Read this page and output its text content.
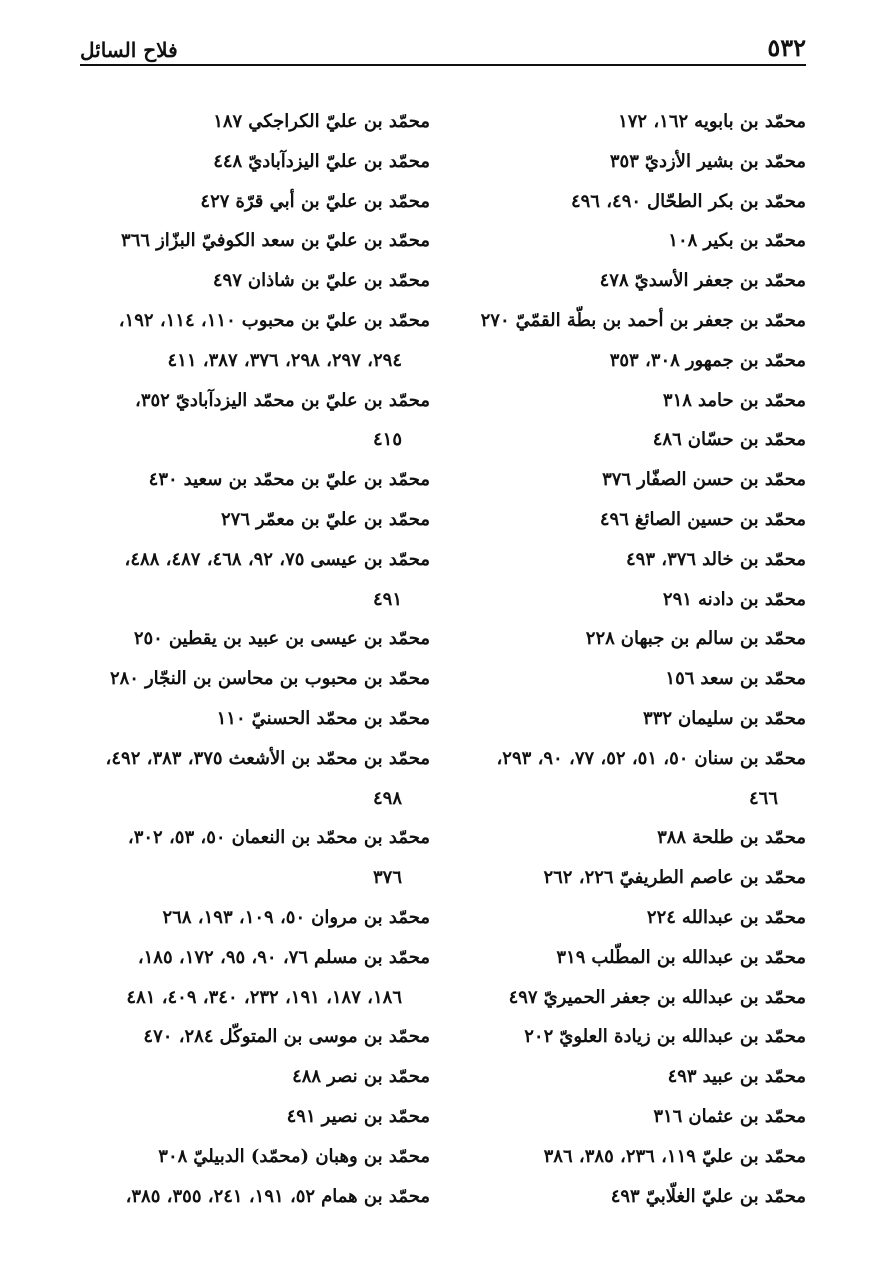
٥٣٢
فلاح السائل
محمّد بن بابويه١٦٢، ١٧٢
محمّد بن بشير الأزديّ٣٥٣
محمّد بن بكر الطحّال٤٩٠، ٤٩٦
محمّد بن بكير١٠٨
محمّد بن جعفر الأسديّ٤٧٨
محمّد بن جعفر بن أحمد بن بطّة القمّيّ٢٧٠
محمّد بن جمهور٣٠٨، ٣٥٣
محمّد بن حامد٣١٨
محمّد بن حسّان٤٨٦
محمّد بن حسن الصفّار٣٧٦
محمّد بن حسين الصائغ٤٩٦
محمّد بن خالد٣٧٦، ٤٩٣
محمّد بن دادنه٢٩١
محمّد بن سالم بن جبهان٢٢٨
محمّد بن سعد١٥٦
محمّد بن سليمان٣٣٢
محمّد بن سنان٥٠، ٥١، ٥٢، ٧٧، ٩٠، ٢٩٣،
٤٦٦
محمّد بن طلحة٣٨٨
محمّد بن عاصم الطريفيّ٢٢٦، ٢٦٢
محمّد بن عبدالله٢٢٤
محمّد بن عبدالله بن المطّلب٣١٩
محمّد بن عبدالله بن جعفر الحميريّ٤٩٧
محمّد بن عبدالله بن زيادة العلويّ٢٠٢
محمّد بن عبيد٤٩٣
محمّد بن عثمان٣١٦
محمّد بن عليّ١١٩، ٢٣٦، ٣٨٥، ٣٨٦
محمّد بن عليّ الغلّابيّ٤٩٣
محمّد بن عليّ الكراجكي١٨٧
محمّد بن عليّ اليزدآباديّ٤٤٨
محمّد بن عليّ بن أبي قرّة٤٢٧
محمّد بن عليّ بن سعد الكوفيّ البزّاز٣٦٦
محمّد بن عليّ بن شاذان٤٩٧
محمّد بن عليّ بن محبوب١١٠، ١١٤، ١٩٢،
٢٩٤، ٢٩٧، ٢٩٨، ٣٧٦، ٣٨٧، ٤١١
محمّد بن عليّ بن محمّد اليزدآباديّ٣٥٢،
٤١٥
محمّد بن عليّ بن محمّد بن سعيد٤٣٠
محمّد بن عليّ بن معمّر٢٧٦
محمّد بن عيسى٧٥، ٩٢، ٤٦٨، ٤٨٧، ٤٨٨،
٤٩١
محمّد بن عيسى بن عبيد بن يقطين٢٥٠
محمّد بن محبوب بن محاسن بن النجّار٢٨٠
محمّد بن محمّد الحسنيّ١١٠
محمّد بن محمّد بن الأشعث٣٧٥، ٣٨٣، ٤٩٢،
٤٩٨
محمّد بن محمّد بن النعمان٥٠، ٥٣، ٣٠٢،
٣٧٦
محمّد بن مروان٥٠، ١٠٩، ١٩٣، ٢٦٨
محمّد بن مسلم٧٦، ٩٠، ٩٥، ١٧٢، ١٨٥،
١٨٦، ١٨٧، ١٩١، ٢٣٢، ٣٤٠، ٤٠٩، ٤٨١
محمّد بن موسى بن المتوكّل٢٨٤، ٤٧٠
محمّد بن نصر٤٨٨
محمّد بن نصير٤٩١
محمّد بن وهبان (محمّد) الدبيليّ٣٠٨
محمّد بن همام٥٢، ١٩١، ٢٤١، ٣٥٥، ٣٨٥،
